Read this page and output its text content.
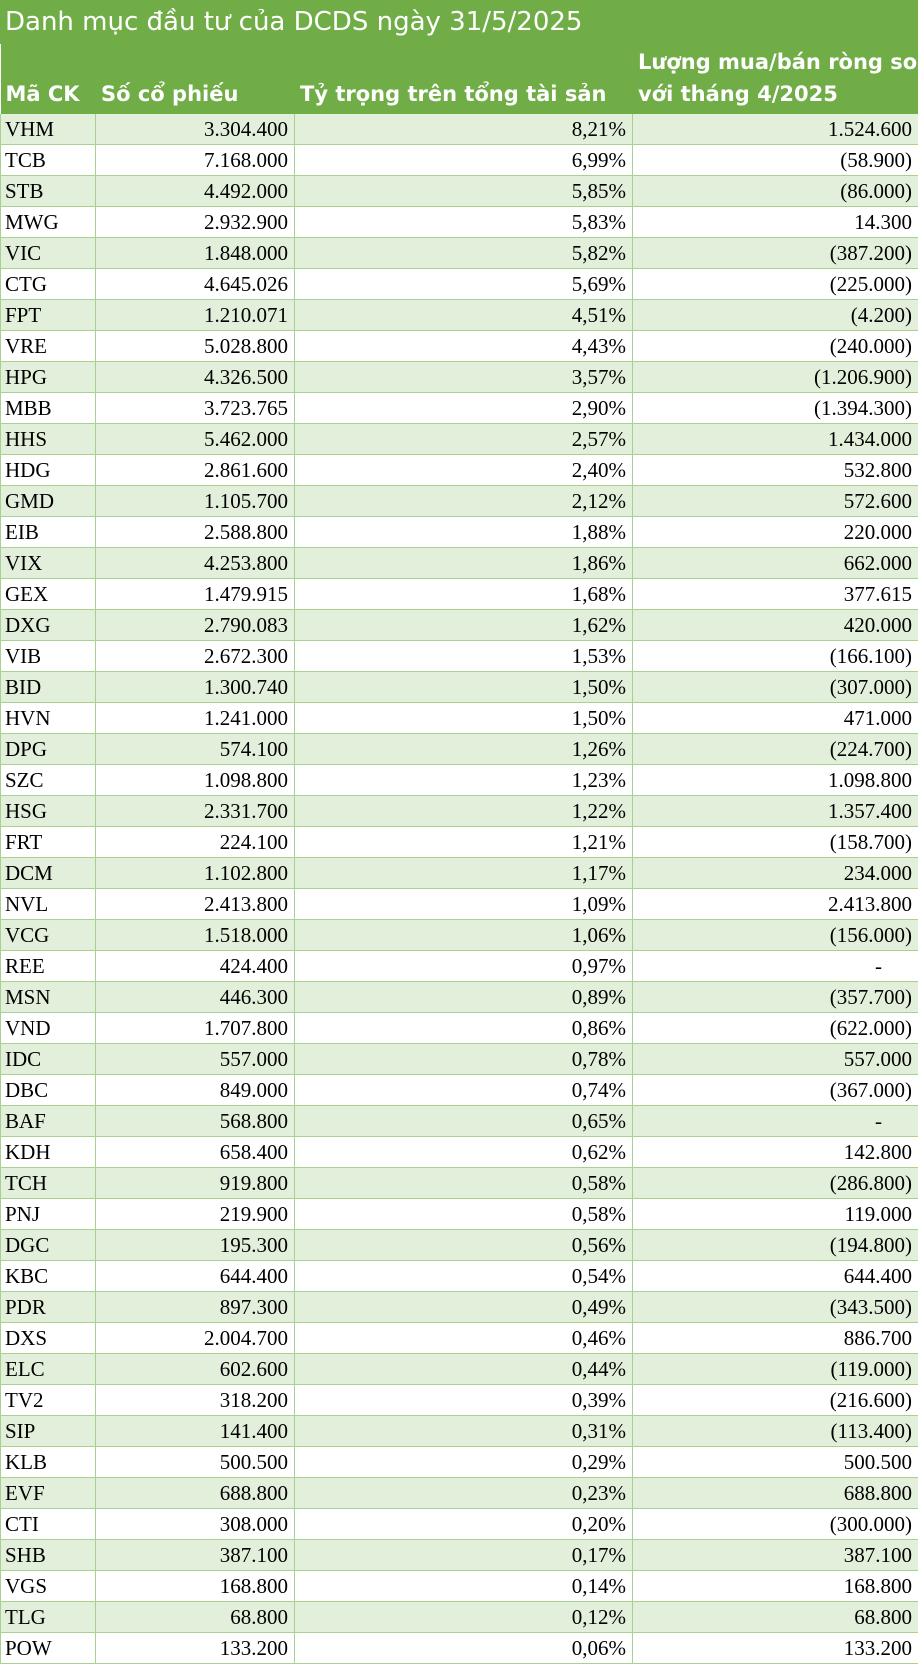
Danh mục đầu tư của DCDS ngày 31/5/2025
Mã CK	Số cổ phiếu	Tỷ trọng trên tổng tài sản	Lượng mua/bán ròng so với tháng 4/2025
VHM	3.304.400	8,21%	1.524.600
TCB	7.168.000	6,99%	(58.900)
STB	4.492.000	5,85%	(86.000)
MWG	2.932.900	5,83%	14.300
VIC	1.848.000	5,82%	(387.200)
CTG	4.645.026	5,69%	(225.000)
FPT	1.210.071	4,51%	(4.200)
VRE	5.028.800	4,43%	(240.000)
HPG	4.326.500	3,57%	(1.206.900)
MBB	3.723.765	2,90%	(1.394.300)
HHS	5.462.000	2,57%	1.434.000
HDG	2.861.600	2,40%	532.800
GMD	1.105.700	2,12%	572.600
EIB	2.588.800	1,88%	220.000
VIX	4.253.800	1,86%	662.000
GEX	1.479.915	1,68%	377.615
DXG	2.790.083	1,62%	420.000
VIB	2.672.300	1,53%	(166.100)
BID	1.300.740	1,50%	(307.000)
HVN	1.241.000	1,50%	471.000
DPG	574.100	1,26%	(224.700)
SZC	1.098.800	1,23%	1.098.800
HSG	2.331.700	1,22%	1.357.400
FRT	224.100	1,21%	(158.700)
DCM	1.102.800	1,17%	234.000
NVL	2.413.800	1,09%	2.413.800
VCG	1.518.000	1,06%	(156.000)
REE	424.400	0,97%	-
MSN	446.300	0,89%	(357.700)
VND	1.707.800	0,86%	(622.000)
IDC	557.000	0,78%	557.000
DBC	849.000	0,74%	(367.000)
BAF	568.800	0,65%	-
KDH	658.400	0,62%	142.800
TCH	919.800	0,58%	(286.800)
PNJ	219.900	0,58%	119.000
DGC	195.300	0,56%	(194.800)
KBC	644.400	0,54%	644.400
PDR	897.300	0,49%	(343.500)
DXS	2.004.700	0,46%	886.700
ELC	602.600	0,44%	(119.000)
TV2	318.200	0,39%	(216.600)
SIP	141.400	0,31%	(113.400)
KLB	500.500	0,29%	500.500
EVF	688.800	0,23%	688.800
CTI	308.000	0,20%	(300.000)
SHB	387.100	0,17%	387.100
VGS	168.800	0,14%	168.800
TLG	68.800	0,12%	68.800
POW	133.200	0,06%	133.200
